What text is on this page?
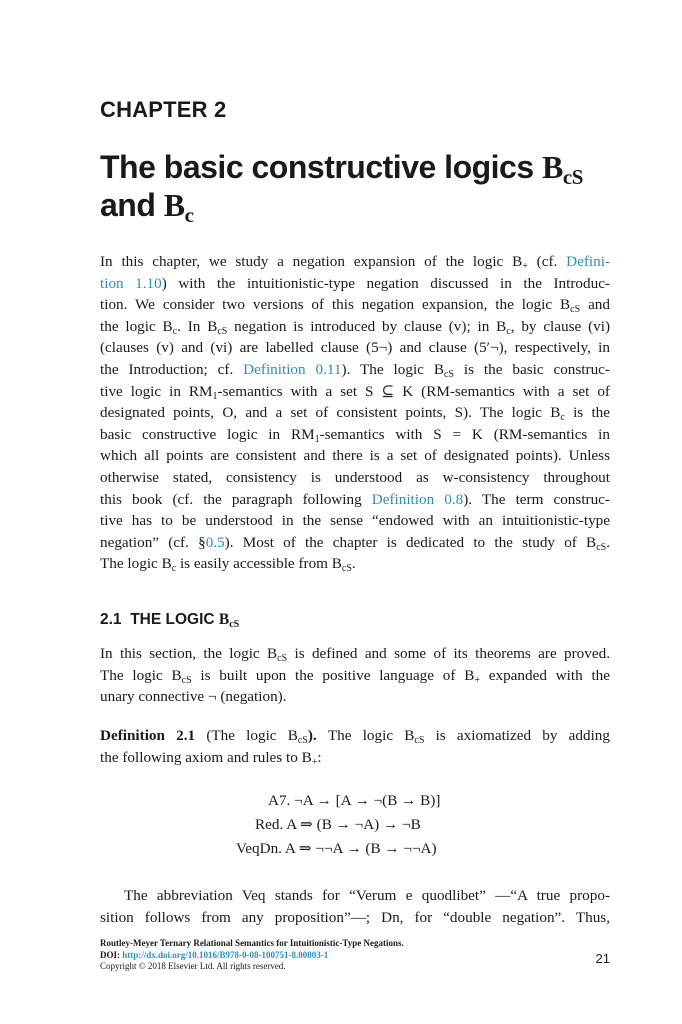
CHAPTER 2
The basic constructive logics $B_{cS}$
and $B_c$
In this chapter, we study a negation expansion of the logic $B_+$ (cf. Defini-
tion 1.10) with the intuitionistic-type negation discussed in the Introduc-
tion. We consider two versions of this negation expansion, the logic $B_{cS}$ and
the logic $B_c$. In $B_{cS}$ negation is introduced by clause (v); in $B_c$, by clause (vi)
(clauses (v) and (vi) are labelled clause (5¬) and clause (5′¬), respectively, in
the Introduction; cf. Definition 0.11). The logic $B_{cS}$ is the basic construc-
tive logic in $RM_1$-semantics with a set S ⊆ K (RM-semantics with a set of
designated points, O, and a set of consistent points, S). The logic $B_c$ is the
basic constructive logic in $RM_1$-semantics with S = K (RM-semantics in
which all points are consistent and there is a set of designated points). Unless
otherwise stated, consistency is understood as w-consistency throughout
this book (cf. the paragraph following Definition 0.8). The term construc-
tive has to be understood in the sense “endowed with an intuitionistic-type
negation” (cf. §0.5). Most of the chapter is dedicated to the study of $B_{cS}$.
The logic $B_c$ is easily accessible from $B_{cS}$.
2.1 THE LOGIC $B_{cS}$
In this section, the logic $B_{cS}$ is defined and some of its theorems are proved.
The logic $B_{cS}$ is built upon the positive language of $B_+$ expanded with the
unary connective ¬ (negation).
Definition 2.1 (The logic $B_{cS}$). The logic $B_{cS}$ is axiomatized by adding
the following axiom and rules to $B_+$:
A7. ¬A → [A → ¬(B → B)]
Red. A ⇒ (B → ¬A) → ¬B
VeqDn. A ⇒ ¬¬A → (B → ¬¬A)
The abbreviation Veq stands for “Verum e quodlibet” —“A true propo-
sition follows from any proposition”—; Dn, for “double negation”. Thus,
Routley-Meyer Ternary Relational Semantics for Intuitionistic-Type Negations.
DOI: http://dx.doi.org/10.1016/B978-0-08-100751-8.00003-1
Copyright © 2018 Elsevier Ltd. All rights reserved.	21
